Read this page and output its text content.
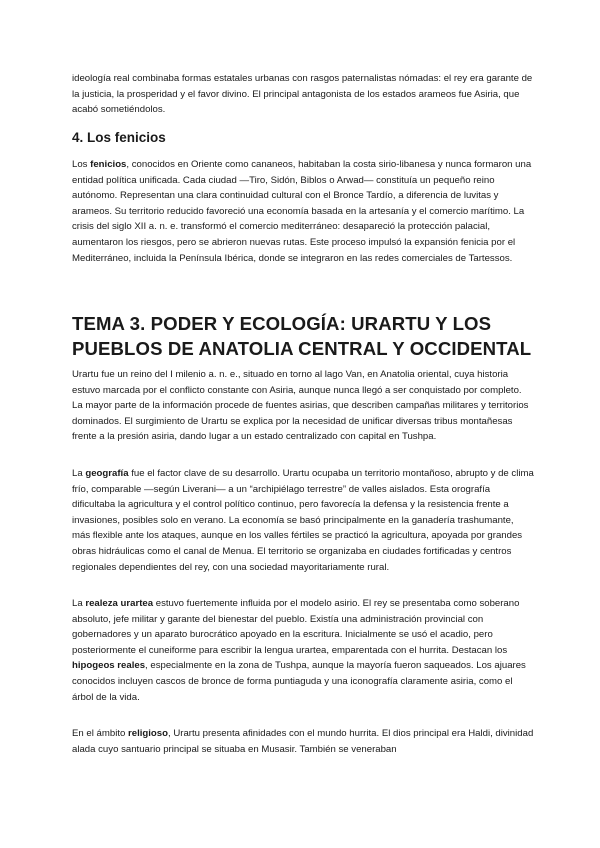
ideología real combinaba formas estatales urbanas con rasgos paternalistas nómadas: el rey era garante de la justicia, la prosperidad y el favor divino. El principal antagonista de los estados arameos fue Asiria, que acabó sometiéndolos.

4. Los fenicios

Los fenicios, conocidos en Oriente como cananeos, habitaban la costa sirio-libanesa y nunca formaron una entidad política unificada. Cada ciudad —Tiro, Sidón, Biblos o Arwad— constituía un pequeño reino autónomo. Representan una clara continuidad cultural con el Bronce Tardío, a diferencia de luvitas y arameos. Su territorio reducido favoreció una economía basada en la artesanía y el comercio marítimo. La crisis del siglo XII a. n. e. transformó el comercio mediterráneo: desapareció la protección palacial, aumentaron los riesgos, pero se abrieron nuevas rutas. Este proceso impulsó la expansión fenicia por el Mediterráneo, incluida la Península Ibérica, donde se integraron en las redes comerciales de Tartessos.

TEMA 3. PODER Y ECOLOGÍA: URARTU Y LOS PUEBLOS DE ANATOLIA CENTRAL Y OCCIDENTAL

Urartu fue un reino del I milenio a. n. e., situado en torno al lago Van, en Anatolia oriental, cuya historia estuvo marcada por el conflicto constante con Asiria, aunque nunca llegó a ser conquistado por completo. La mayor parte de la información procede de fuentes asirias, que describen campañas militares y territorios dominados. El surgimiento de Urartu se explica por la necesidad de unificar diversas tribus montañesas frente a la presión asiria, dando lugar a un estado centralizado con capital en Tushpa.

La geografía fue el factor clave de su desarrollo. Urartu ocupaba un territorio montañoso, abrupto y de clima frío, comparable —según Liverani— a un “archipiélago terrestre” de valles aislados. Esta orografía dificultaba la agricultura y el control político continuo, pero favorecía la defensa y la resistencia frente a invasiones, posibles solo en verano. La economía se basó principalmente en la ganadería trashumante, más flexible ante los ataques, aunque en los valles fértiles se practicó la agricultura, apoyada por grandes obras hidráulicas como el canal de Menua. El territorio se organizaba en ciudades fortificadas y centros regionales dependientes del rey, con una sociedad mayoritariamente rural.

La realeza urartea estuvo fuertemente influida por el modelo asirio. El rey se presentaba como soberano absoluto, jefe militar y garante del bienestar del pueblo. Existía una administración provincial con gobernadores y un aparato burocrático apoyado en la escritura. Inicialmente se usó el acadio, pero posteriormente el cuneiforme para escribir la lengua urartea, emparentada con el hurrita. Destacan los hipogeos reales, especialmente en la zona de Tushpa, aunque la mayoría fueron saqueados. Los ajuares conocidos incluyen cascos de bronce de forma puntiaguda y una iconografía claramente asiria, como el árbol de la vida.

En el ámbito religioso, Urartu presenta afinidades con el mundo hurrita. El dios principal era Haldi, divinidad alada cuyo santuario principal se situaba en Musasir. También se veneraban
